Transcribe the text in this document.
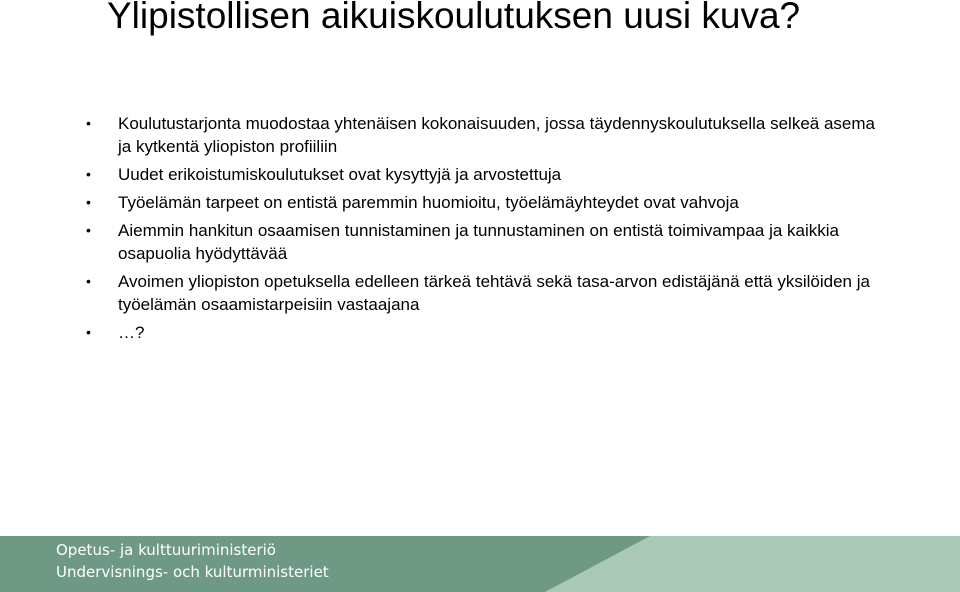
Ylipistollisen aikuiskoulutuksen uusi kuva?
•	Koulutustarjonta muodostaa yhtenäisen kokonaisuuden, jossa täydennyskoulutuksella selkeä asema ja kytkentä yliopiston profiiliin
•	Uudet erikoistumiskoulutukset ovat kysyttyjä ja arvostettuja
•	Työelämän tarpeet on entistä paremmin huomioitu, työelämäyhteydet ovat vahvoja
•	Aiemmin hankitun osaamisen tunnistaminen ja tunnustaminen on entistä toimivampaa ja kaikkia osapuolia hyödyttävää
•	Avoimen yliopiston opetuksella edelleen tärkeä tehtävä sekä tasa-arvon edistäjänä että yksilöiden ja työelämän osaamistarpeisiin vastaajana
•	…?
Opetus- ja kulttuuriministeriö
Undervisnings- och kulturministeriet
